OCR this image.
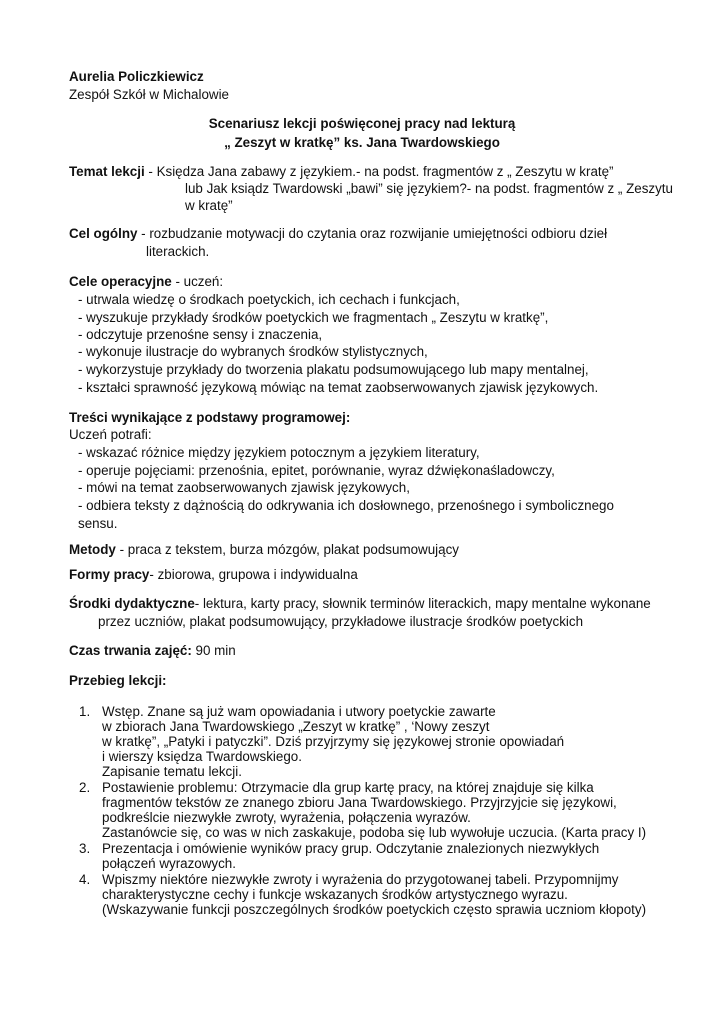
Aurelia Policzkiewicz
Zespół Szkół w Michalowie
Scenariusz lekcji poświęconej pracy nad lekturą
„ Zeszyt w kratkę” ks. Jana Twardowskiego
Temat lekcji - Księdza Jana zabawy z językiem.- na podst. fragmentów z „ Zeszytu w kratę”
lub Jak ksiądz Twardowski „bawi” się językiem?- na podst. fragmentów z „ Zeszytu
w kratę”
Cel ogólny - rozbudzanie motywacji do czytania oraz rozwijanie umiejętności odbioru dzieł
literackich.
Cele operacyjne - uczeń:
- utrwala wiedzę o środkach poetyckich, ich cechach i funkcjach,
- wyszukuje przykłady środków poetyckich we fragmentach „ Zeszytu w kratkę”,
- odczytuje przenośne sensy i znaczenia,
- wykonuje ilustracje do wybranych środków stylistycznych,
- wykorzystuje przykłady do tworzenia plakatu podsumowującego lub mapy mentalnej,
- kształci sprawność językową mówiąc na temat zaobserwowanych zjawisk językowych.
Treści wynikające z podstawy programowej:
Uczeń potrafi:
- wskazać różnice między językiem potocznym a językiem literatury,
- operuje pojęciami: przenośnia, epitet, porównanie, wyraz dźwiękonaśladowczy,
- mówi na temat zaobserwowanych zjawisk językowych,
- odbiera teksty z dążnością do odkrywania ich dosłownego, przenośnego i symbolicznego
sensu.
Metody - praca z tekstem, burza mózgów, plakat podsumowujący
Formy pracy- zbiorowa, grupowa i indywidualna
Środki dydaktyczne- lektura, karty pracy, słownik terminów literackich, mapy mentalne wykonane
przez uczniów, plakat podsumowujący, przykładowe ilustracje środków poetyckich
Czas trwania zajęć: 90 min
Przebieg lekcji:
1. Wstęp. Znane są już wam opowiadania i utwory poetyckie zawarte
w zbiorach Jana Twardowskiego „Zeszyt w kratkę” , ‘Nowy zeszyt
w kratkę”, „Patyki i patyczki”. Dziś przyjrzymy się językowej stronie opowiadań
i wierszy księdza Twardowskiego.
Zapisanie tematu lekcji.
2. Postawienie problemu: Otrzymacie dla grup kartę pracy, na której znajduje się kilka
fragmentów tekstów ze znanego zbioru Jana Twardowskiego. Przyjrzyjcie się językowi,
podkreślcie niezwykłe zwroty, wyrażenia, połączenia wyrazów.
Zastanówcie się, co was w nich zaskakuje, podoba się lub wywołuje uczucia. (Karta pracy I)
3. Prezentacja i omówienie wyników pracy grup. Odczytanie znalezionych niezwykłych
połączeń wyrazowych.
4. Wpiszmy niektóre niezwykłe zwroty i wyrażenia do przygotowanej tabeli. Przypomnijmy
charakterystyczne cechy i funkcje wskazanych środków artystycznego wyrazu.
(Wskazywanie funkcji poszczególnych środków poetyckich często sprawia uczniom kłopoty)
